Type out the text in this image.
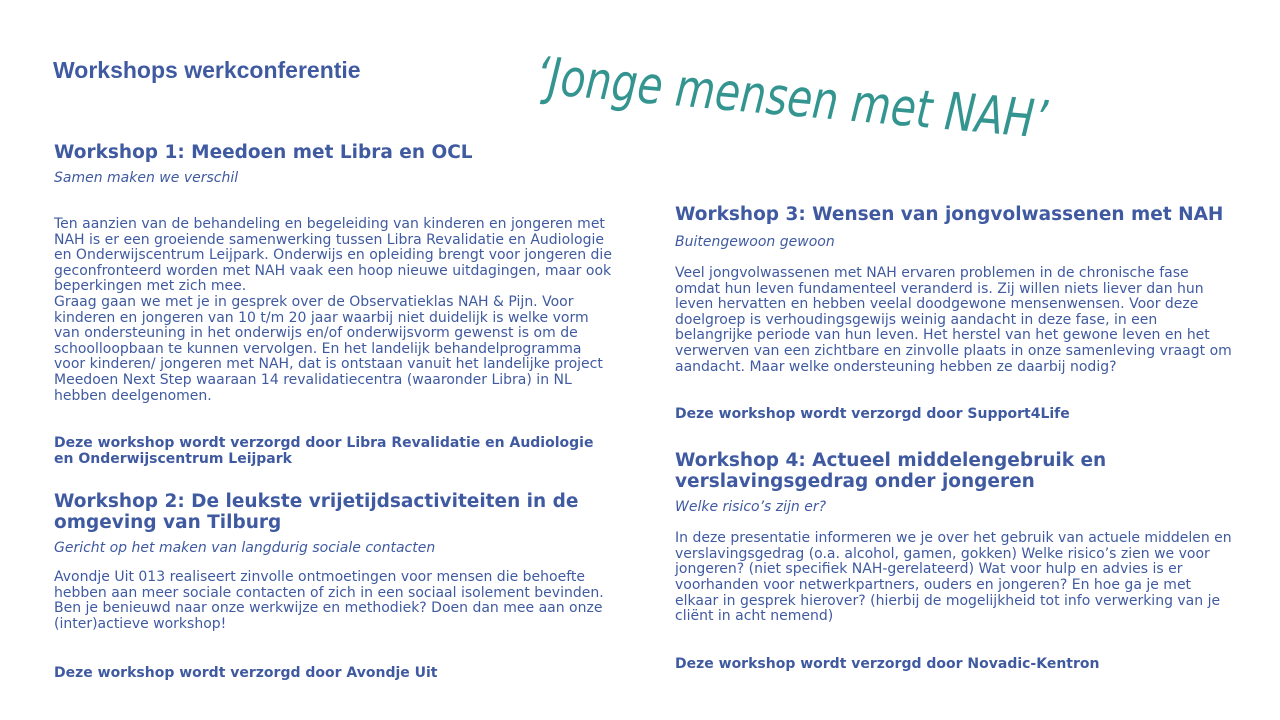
Workshops werkconferentie	‘Jonge mensen met NAH’
Workshop 1: Meedoen met Libra en OCL

Samen maken we verschil

Ten aanzien van de behandeling en begeleiding van kinderen en jongeren met NAH is er een groeiende samenwerking tussen Libra Revalidatie en Audiologie en Onderwijscentrum Leijpark. Onderwijs en opleiding brengt voor jongeren die geconfronteerd worden met NAH vaak een hoop nieuwe uitdagingen, maar ook beperkingen met zich mee.
Graag gaan we met je in gesprek over de Observatieklas NAH & Pijn. Voor kinderen en jongeren van 10 t/m 20 jaar waarbij niet duidelijk is welke vorm van ondersteuning in het onderwijs en/of onderwijsvorm gewenst is om de schoolloopbaan te kunnen vervolgen. En het landelijk behandelprogramma voor kinderen/ jongeren met NAH, dat is ontstaan vanuit het landelijke project Meedoen Next Step waaraan 14 revalidatiecentra (waaronder Libra) in NL hebben deelgenomen.

Deze workshop wordt verzorgd door Libra Revalidatie en Audiologie en Onderwijscentrum Leijpark

Workshop 2: De leukste vrijetijdsactiviteiten in de omgeving van Tilburg

Gericht op het maken van langdurig sociale contacten

Avondje Uit 013 realiseert zinvolle ontmoetingen voor mensen die behoefte hebben aan meer sociale contacten of zich in een sociaal isolement bevinden. Ben je benieuwd naar onze werkwijze en methodiek? Doen dan mee aan onze (inter)actieve workshop!

Deze workshop wordt verzorgd door Avondje Uit

Workshop 3: Wensen van jongvolwassenen met NAH

Buitengewoon gewoon

Veel jongvolwassenen met NAH ervaren problemen in de chronische fase omdat hun leven fundamenteel veranderd is. Zij willen niets liever dan hun leven hervatten en hebben veelal doodgewone mensenwensen. Voor deze doelgroep is verhoudingsgewijs weinig aandacht in deze fase, in een belangrijke periode van hun leven. Het herstel van het gewone leven en het verwerven van een zichtbare en zinvolle plaats in onze samenleving vraagt om aandacht. Maar welke ondersteuning hebben ze daarbij nodig?

Deze workshop wordt verzorgd door Support4Life

Workshop 4: Actueel middelengebruik en verslavingsgedrag onder jongeren

Welke risico’s zijn er?

In deze presentatie informeren we je over het gebruik van actuele middelen en verslavingsgedrag (o.a. alcohol, gamen, gokken) Welke risico’s zien we voor jongeren? (niet specifiek NAH-gerelateerd) Wat voor hulp en advies is er voorhanden voor netwerkpartners, ouders en jongeren? En hoe ga je met elkaar in gesprek hierover? (hierbij de mogelijkheid tot info verwerking van je cliënt in acht nemend)

Deze workshop wordt verzorgd door Novadic-Kentron
